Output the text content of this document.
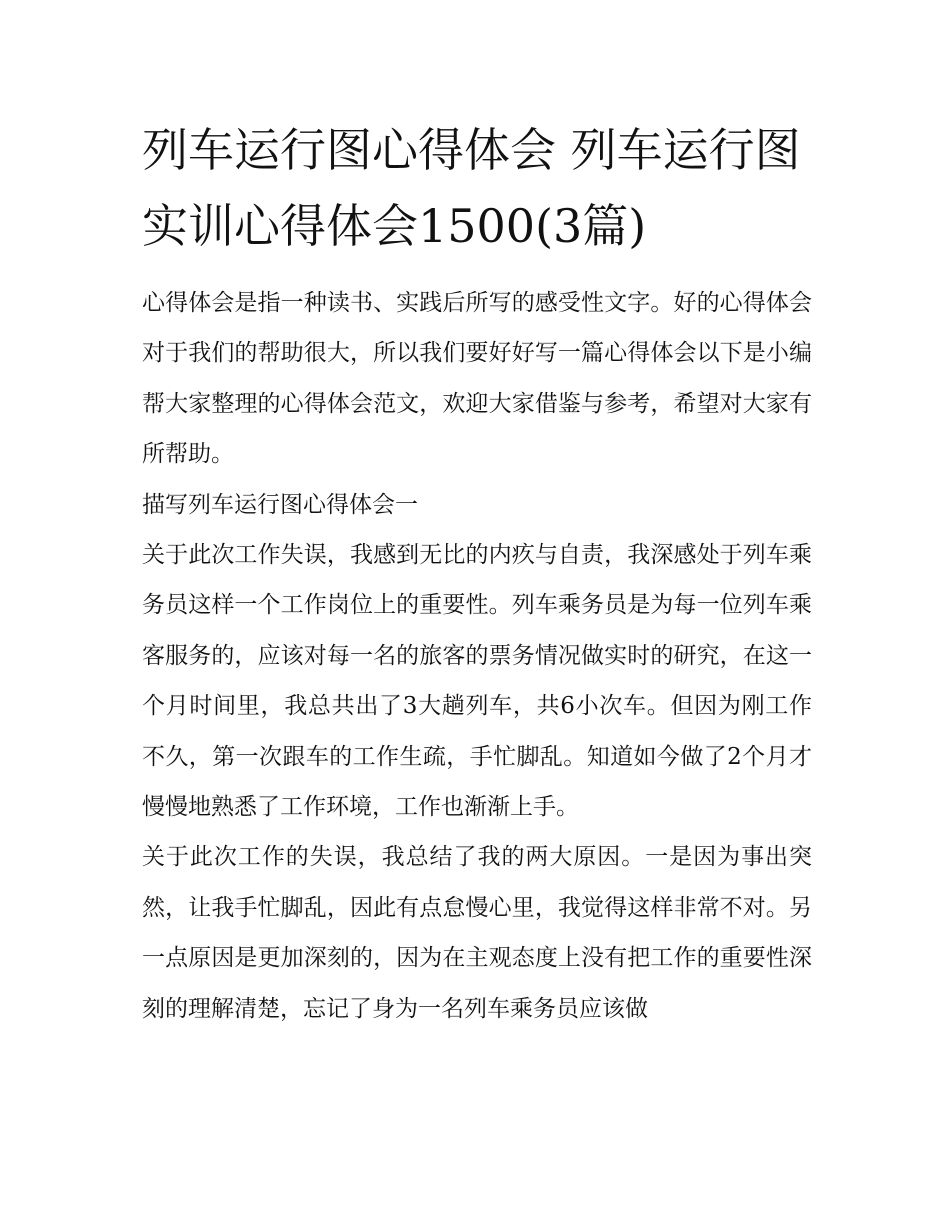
列车运行图心得体会 列车运行图实训心得体会1500(3篇)

心得体会是指一种读书、实践后所写的感受性文字。好的心得体会对于我们的帮助很大，所以我们要好好写一篇心得体会以下是小编帮大家整理的心得体会范文，欢迎大家借鉴与参考，希望对大家有所帮助。

描写列车运行图心得体会一

关于此次工作失误，我感到无比的内疚与自责，我深感处于列车乘务员这样一个工作岗位上的重要性。列车乘务员是为每一位列车乘客服务的，应该对每一名的旅客的票务情况做实时的研究，在这一个月时间里，我总共出了3大趟列车，共6小次车。但因为刚工作不久，第一次跟车的工作生疏，手忙脚乱。知道如今做了2个月才慢慢地熟悉了工作环境，工作也渐渐上手。

关于此次工作的失误，我总结了我的两大原因。一是因为事出突然，让我手忙脚乱，因此有点怠慢心里，我觉得这样非常不对。另一点原因是更加深刻的，因为在主观态度上没有把工作的重要性深刻的理解清楚，忘记了身为一名列车乘务员应该做
